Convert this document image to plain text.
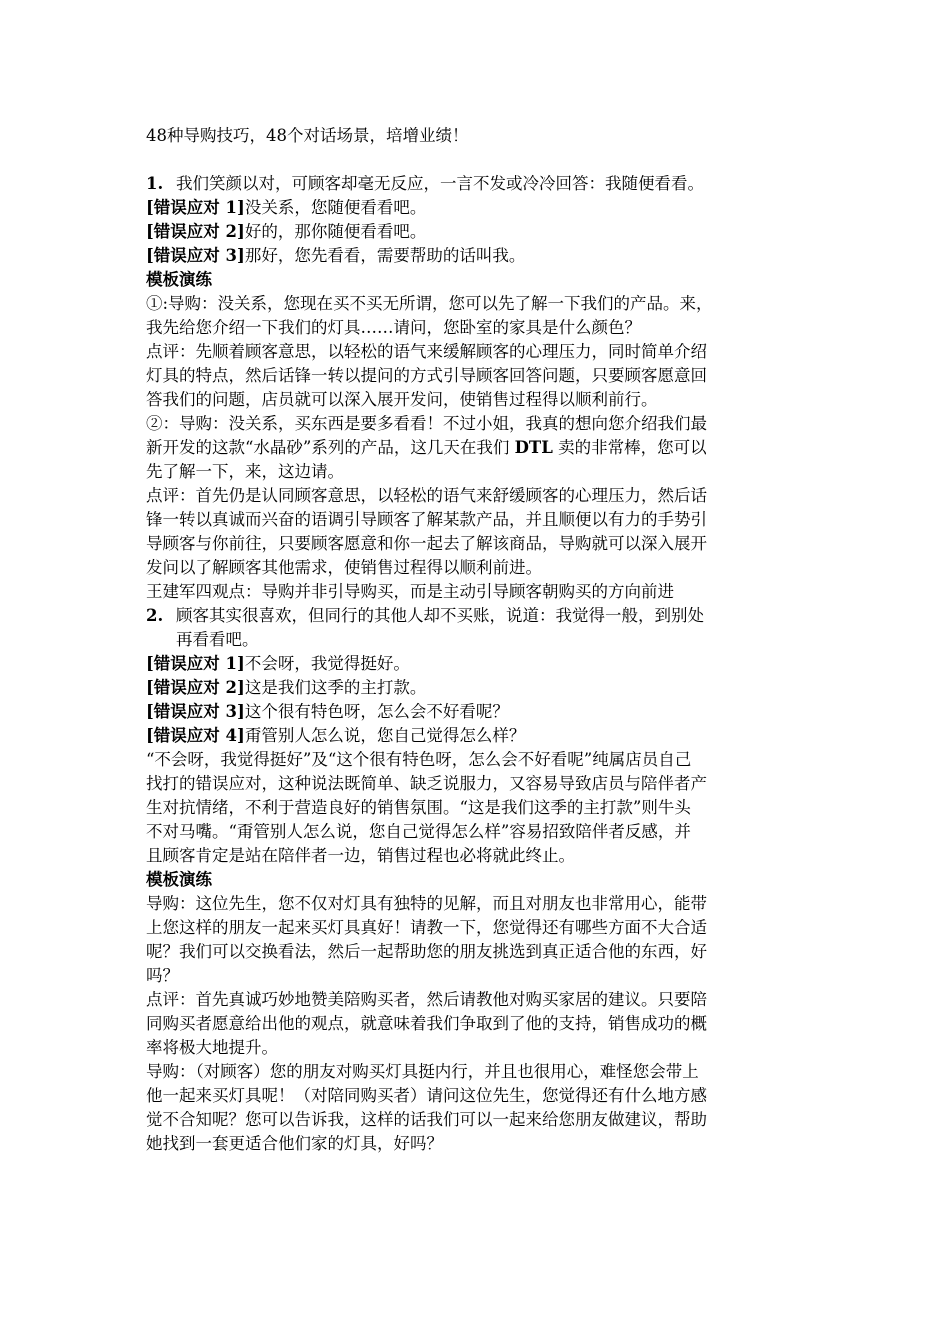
48种导购技巧，48个对话场景，培增业绩！
1. 我们笑颜以对，可顾客却毫无反应，一言不发或冷冷回答：我随便看看。
[错误应对 1]没关系，您随便看看吧。
[错误应对 2]好的，那你随便看看吧。
[错误应对 3]那好，您先看看，需要帮助的话叫我。
模板演练
①:导购：没关系，您现在买不买无所谓，您可以先了解一下我们的产品。来，
我先给您介绍一下我们的灯具……请问，您卧室的家具是什么颜色？
点评：先顺着顾客意思，以轻松的语气来缓解顾客的心理压力，同时简单介绍
灯具的特点，然后话锋一转以提问的方式引导顾客回答问题，只要顾客愿意回
答我们的问题，店员就可以深入展开发问，使销售过程得以顺利前行。
②：导购：没关系，买东西是要多看看！不过小姐，我真的想向您介绍我们最
新开发的这款“水晶砂”系列的产品，这几天在我们 DTL 卖的非常棒，您可以
先了解一下，来，这边请。
点评：首先仍是认同顾客意思，以轻松的语气来舒缓顾客的心理压力，然后话
锋一转以真诚而兴奋的语调引导顾客了解某款产品，并且顺便以有力的手势引
导顾客与你前往，只要顾客愿意和你一起去了解该商品，导购就可以深入展开
发问以了解顾客其他需求，使销售过程得以顺利前进。
王建军四观点：导购并非引导购买，而是主动引导顾客朝购买的方向前进
2. 顾客其实很喜欢，但同行的其他人却不买账，说道：我觉得一般，到别处
再看看吧。
[错误应对 1]不会呀，我觉得挺好。
[错误应对 2]这是我们这季的主打款。
[错误应对 3]这个很有特色呀，怎么会不好看呢？
[错误应对 4]甭管别人怎么说，您自己觉得怎么样？
“不会呀，我觉得挺好”及“这个很有特色呀，怎么会不好看呢”纯属店员自己
找打的错误应对，这种说法既简单、缺乏说服力，又容易导致店员与陪伴者产
生对抗情绪，不利于营造良好的销售氛围。“这是我们这季的主打款”则牛头
不对马嘴。“甭管别人怎么说，您自己觉得怎么样”容易招致陪伴者反感，并
且顾客肯定是站在陪伴者一边，销售过程也必将就此终止。
模板演练
导购：这位先生，您不仅对灯具有独特的见解，而且对朋友也非常用心，能带
上您这样的朋友一起来买灯具真好！请教一下，您觉得还有哪些方面不大合适
呢？我们可以交换看法，然后一起帮助您的朋友挑选到真正适合他的东西，好
吗？
点评：首先真诚巧妙地赞美陪购买者，然后请教他对购买家居的建议。只要陪
同购买者愿意给出他的观点，就意味着我们争取到了他的支持，销售成功的概
率将极大地提升。
导购：（对顾客）您的朋友对购买灯具挺内行，并且也很用心，难怪您会带上
他一起来买灯具呢！（对陪同购买者）请问这位先生，您觉得还有什么地方感
觉不合知呢？您可以告诉我，这样的话我们可以一起来给您朋友做建议，帮助
她找到一套更适合他们家的灯具，好吗？
